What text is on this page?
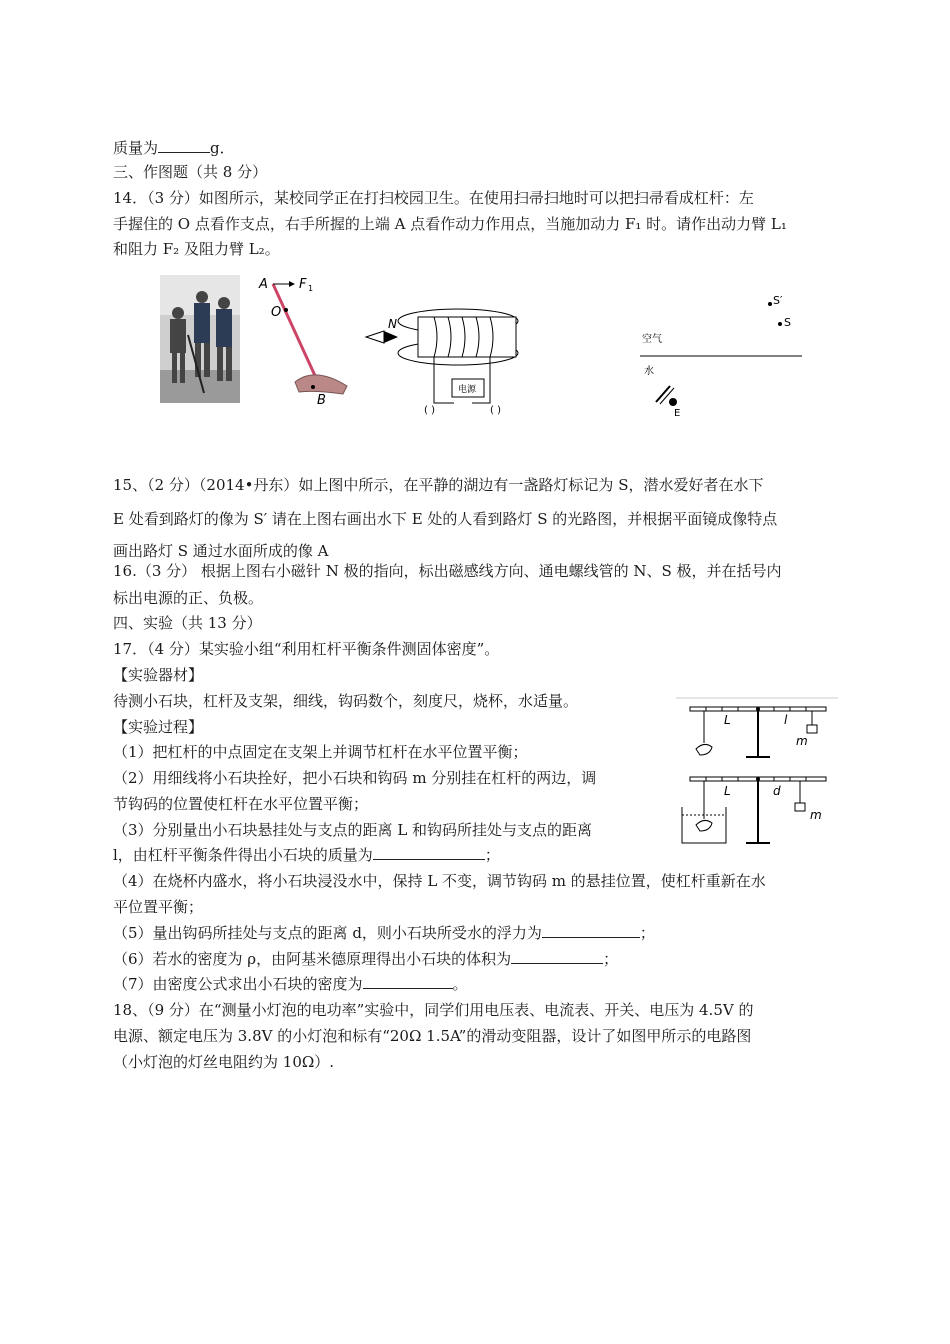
质量为	g．
三、作图题（共 8 分）
14．（3 分）如图所示，某校同学正在打扫校园卫生。在使用扫帚扫地时可以把扫帚看成杠杆：左
手握住的 O 点看作支点，右手所握的上端 A 点看作动力作用点，当施加动力 F₁ 时。请作出动力臂 L₁
和阻力 F₂ 及阻力臂 L₂。
A F 1
O
B
N
电源
( )	( )
S′
S
空气
水
E
15、（2 分）（2014•丹东）如上图中所示，在平静的湖边有一盏路灯标记为 S，潜水爱好者在水下
E 处看到路灯的像为 S′ 请在上图右画出水下 E 处的人看到路灯 S 的光路图，并根据平面镜成像特点
画出路灯 S 通过水面所成的像 A
16.（3 分） 根据上图右小磁针 N 极的指向，标出磁感线方向、通电螺线管的 N、S 极，并在括号内
标出电源的正、负极。
四、实验（共 13 分）
17．（4 分）某实验小组“利用杠杆平衡条件测固体密度”。
【实验器材】
待测小石块，杠杆及支架，细线，钩码数个，刻度尺，烧杯，水适量。
【实验过程】
（1）把杠杆的中点固定在支架上并调节杠杆在水平位置平衡；
（2）用细线将小石块拴好，把小石块和钩码 m 分别挂在杠杆的两边，调
节钩码的位置使杠杆在水平位置平衡；
（3）分别量出小石块悬挂处与支点的距离 L 和钩码所挂处与支点的距离
l，由杠杆平衡条件得出小石块的质量为	；
（4）在烧杯内盛水，将小石块浸没水中，保持 L 不变，调节钩码 m 的悬挂位置，使杠杆重新在水
平位置平衡；
（5）量出钩码所挂处与支点的距离 d，则小石块所受水的浮力为	；
（6）若水的密度为 ρ，由阿基米德原理得出小石块的体积为	；
（7）由密度公式求出小石块的密度为	。
18、（9 分）在“测量小灯泡的电功率”实验中，同学们用电压表、电流表、开关、电压为 4.5V 的
电源、额定电压为 3.8V 的小灯泡和标有“20Ω 1.5A”的滑动变阻器，设计了如图甲所示的电路图
（小灯泡的灯丝电阻约为 10Ω）.
L	l
m
L	d
m
